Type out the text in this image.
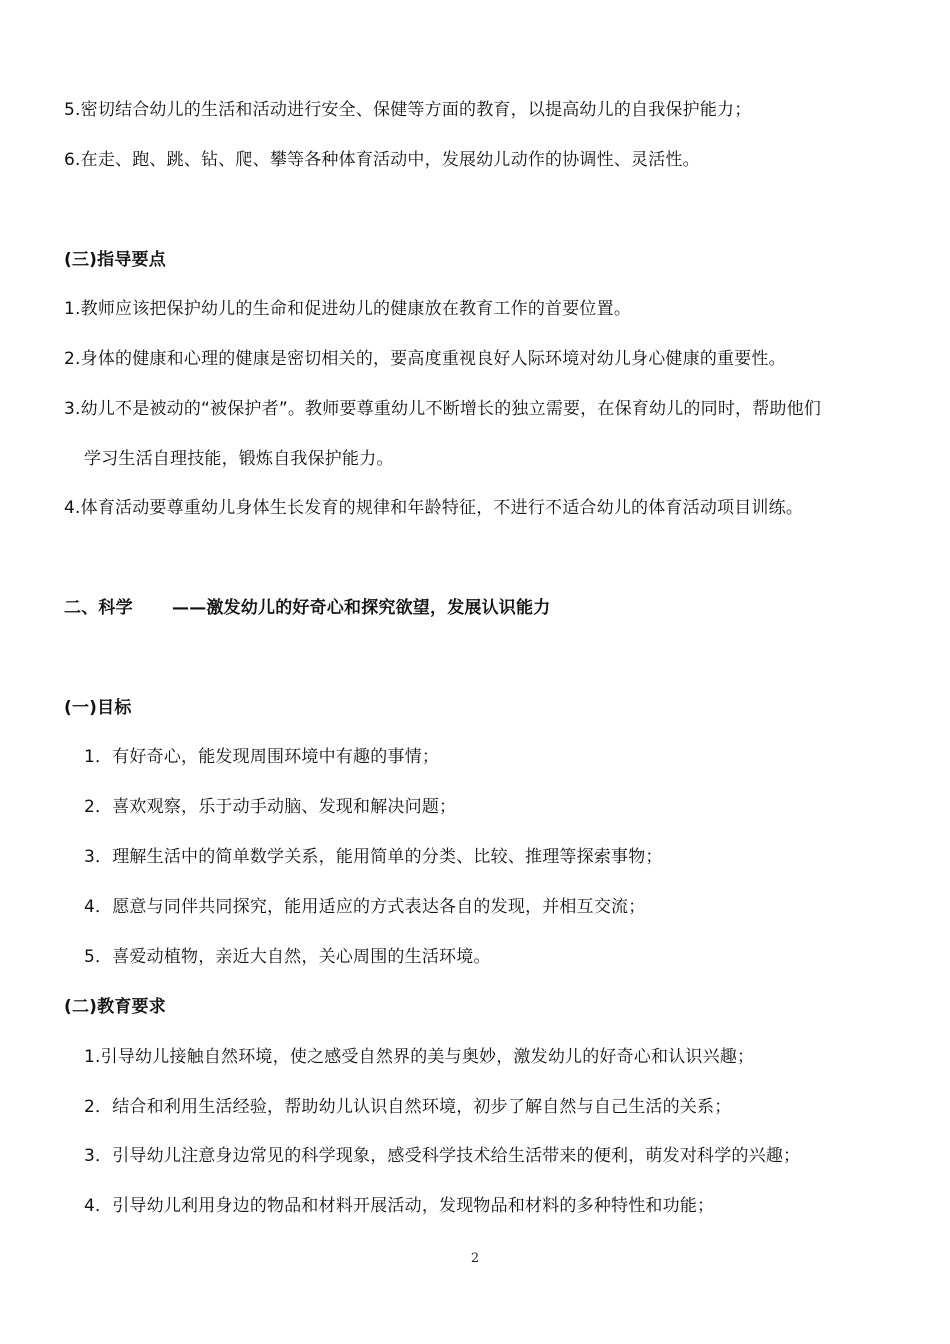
5.密切结合幼儿的生活和活动进行安全、保健等方面的教育，以提高幼儿的自我保护能力；
6.在走、跑、跳、钻、爬、攀等各种体育活动中，发展幼儿动作的协调性、灵活性。
(三)指导要点
1.教师应该把保护幼儿的生命和促进幼儿的健康放在教育工作的首要位置。
2.身体的健康和心理的健康是密切相关的，要高度重视良好人际环境对幼儿身心健康的重要性。
3.幼儿不是被动的“被保护者”。教师要尊重幼儿不断增长的独立需要，在保育幼儿的同时，帮助他们
学习生活自理技能，锻炼自我保护能力。
4.体育活动要尊重幼儿身体生长发育的规律和年龄特征，不进行不适合幼儿的体育活动项目训练。
二、科学 ——激发幼儿的好奇心和探究欲望，发展认识能力
(一)目标
1．有好奇心，能发现周围环境中有趣的事情；
2．喜欢观察，乐于动手动脑、发现和解决问题；
3．理解生活中的简单数学关系，能用简单的分类、比较、推理等探索事物；
4．愿意与同伴共同探究，能用适应的方式表达各自的发现，并相互交流；
5．喜爱动植物，亲近大自然，关心周围的生活环境。
(二)教育要求
1.引导幼儿接触自然环境，使之感受自然界的美与奥妙，激发幼儿的好奇心和认识兴趣；
2．结合和利用生活经验，帮助幼儿认识自然环境，初步了解自然与自己生活的关系；
3．引导幼儿注意身边常见的科学现象，感受科学技术给生活带来的便利，萌发对科学的兴趣；
4．引导幼儿利用身边的物品和材料开展活动，发现物品和材料的多种特性和功能；
2
